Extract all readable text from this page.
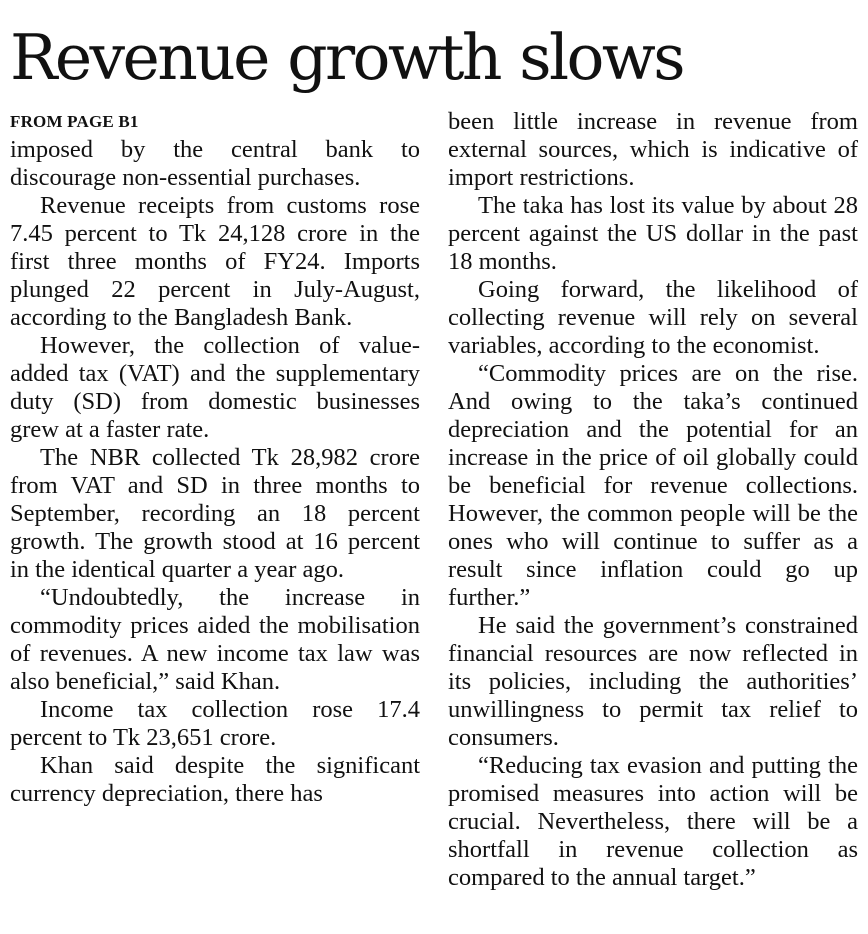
Revenue growth slows
FROM PAGE B1

imposed by the central bank to discourage non-essential purchases.

Revenue receipts from customs rose 7.45 percent to Tk 24,128 crore in the first three months of FY24. Imports plunged 22 percent in July-August, according to the Bangladesh Bank.

However, the collection of value-added tax (VAT) and the supplementary duty (SD) from domestic businesses grew at a faster rate.

The NBR collected Tk 28,982 crore from VAT and SD in three months to September, recording an 18 percent growth. The growth stood at 16 percent in the identical quarter a year ago.

“Undoubtedly, the increase in commodity prices aided the mobilisation of revenues. A new income tax law was also beneficial,” said Khan.

Income tax collection rose 17.4 percent to Tk 23,651 crore.

Khan said despite the significant currency depreciation, there has

been little increase in revenue from external sources, which is indicative of import restrictions.

The taka has lost its value by about 28 percent against the US dollar in the past 18 months.

Going forward, the likelihood of collecting revenue will rely on several variables, according to the economist.

“Commodity prices are on the rise. And owing to the taka’s continued depreciation and the potential for an increase in the price of oil globally could be beneficial for revenue collections. However, the common people will be the ones who will continue to suffer as a result since inflation could go up further.”

He said the government’s constrained financial resources are now reflected in its policies, including the authorities’ unwillingness to permit tax relief to consumers.

“Reducing tax evasion and putting the promised measures into action will be crucial. Nevertheless, there will be a shortfall in revenue collection as compared to the annual target.”
